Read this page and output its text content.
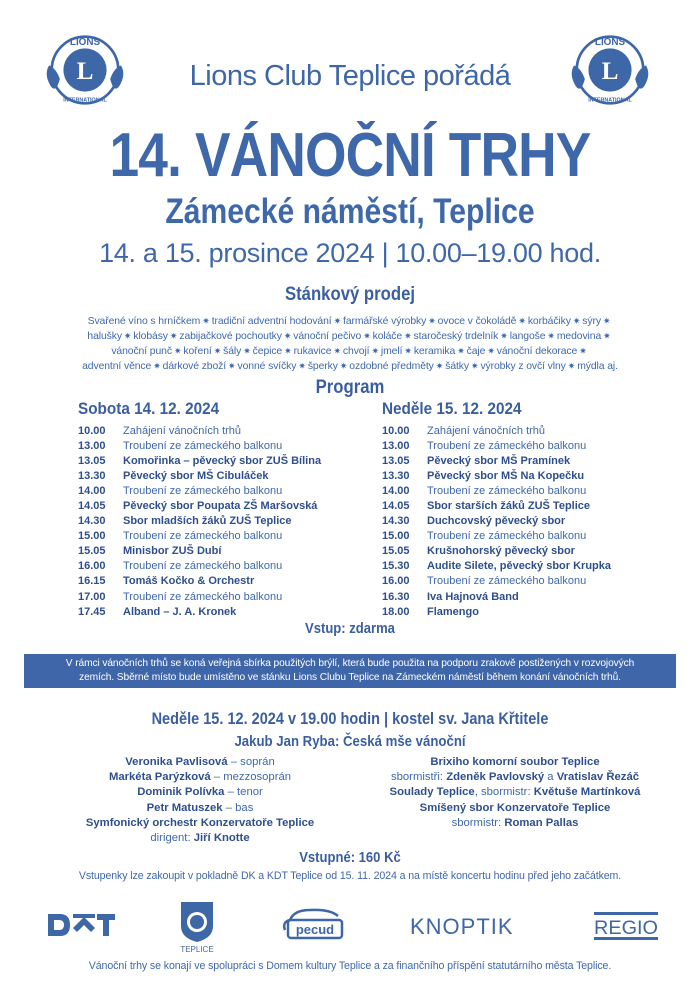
L
LIONS
INTERNATIONAL
L
LIONS
INTERNATIONAL
Lions Club Teplice pořádá
14. VÁNOČNÍ TRHY
Zámecké náměstí, Teplice
14. a 15. prosince 2024 | 10.00–19.00 hod.
Stánkový prodej
Svařené víno s hrníčkem ✷ tradiční adventní hodování ✷ farmářské výrobky ✷ ovoce v čokoládě ✷ korbáčiky ✷ sýry ✷
halušky ✷ klobásy ✷ zabijačkové pochoutky ✷ vánoční pečivo ✷ koláče ✷ staročeský trdelník ✷ langoše ✷ medovina ✷
vánoční punč ✷ koření ✷ šály ✷ čepice ✷ rukavice ✷ chvojí ✷ jmelí ✷ keramika ✷ čaje ✷ vánoční dekorace ✷
adventní věnce ✷ dárkové zboží ✷ vonné svíčky ✷ šperky ✷ ozdobné předměty ✷ šátky ✷ výrobky z ovčí vlny ✷ mýdla aj.
Program
Sobota 14. 12. 2024
10.00	Zahájení vánočních trhů
13.00	Troubení ze zámeckého balkonu
13.05	Komořinka – pěvecký sbor ZUŠ Bílina
13.30	Pěvecký sbor MŠ Cibuláček
14.00	Troubení ze zámeckého balkonu
14.05	Pěvecký sbor Poupata ZŠ Maršovská
14.30	Sbor mladších žáků ZUŠ Teplice
15.00	Troubení ze zámeckého balkonu
15.05	Minisbor ZUŠ Dubí
16.00	Troubení ze zámeckého balkonu
16.15	Tomáš Kočko & Orchestr
17.00	Troubení ze zámeckého balkonu
17.45	Alband – J. A. Kronek
Neděle 15. 12. 2024
10.00	Zahájení vánočních trhů
13.00	Troubení ze zámeckého balkonu
13.05	Pěvecký sbor MŠ Pramínek
13.30	Pěvecký sbor MŠ Na Kopečku
14.00	Troubení ze zámeckého balkonu
14.05	Sbor starších žáků ZUŠ Teplice
14.30	Duchcovský pěvecký sbor
15.00	Troubení ze zámeckého balkonu
15.05	Krušnohorský pěvecký sbor
15.30	Audite Silete, pěvecký sbor Krupka
16.00	Troubení ze zámeckého balkonu
16.30	Iva Hajnová Band
18.00	Flamengo
Vstup: zdarma
V rámci vánočních trhů se koná veřejná sbírka použitých brýlí, která bude použita na podporu zrakově postižených v rozvojových
zemích. Sběrné místo bude umístěno ve stánku Lions Clubu Teplice na Zámeckém náměstí během konání vánočních trhů.
Neděle 15. 12. 2024 v 19.00 hodin | kostel sv. Jana Křtitele
Jakub Jan Ryba: Česká mše vánoční
Veronika Pavlisová – soprán
Markéta Parýzková – mezzosoprán
Dominik Polívka – tenor
Petr Matuszek – bas
Symfonický orchestr Konzervatoře Teplice
dirigent: Jiří Knotte
Brixiho komorní soubor Teplice
sbormistři: Zdeněk Pavlovský a Vratislav Řezáč
Soulady Teplice, sbormistr: Květuše Martínková
Smíšený sbor Konzervatoře Teplice
sbormistr: Roman Pallas
Vstupné: 160 Kč
Vstupenky lze zakoupit v pokladně DK a KDT Teplice od 15. 11. 2024 a na místě koncertu hodinu před jeho začátkem.
TEPLICE
pecud	KNOPTIK	REGIO
Vánoční trhy se konají ve spolupráci s Domem kultury Teplice a za finančního příspění statutárního města Teplice.
